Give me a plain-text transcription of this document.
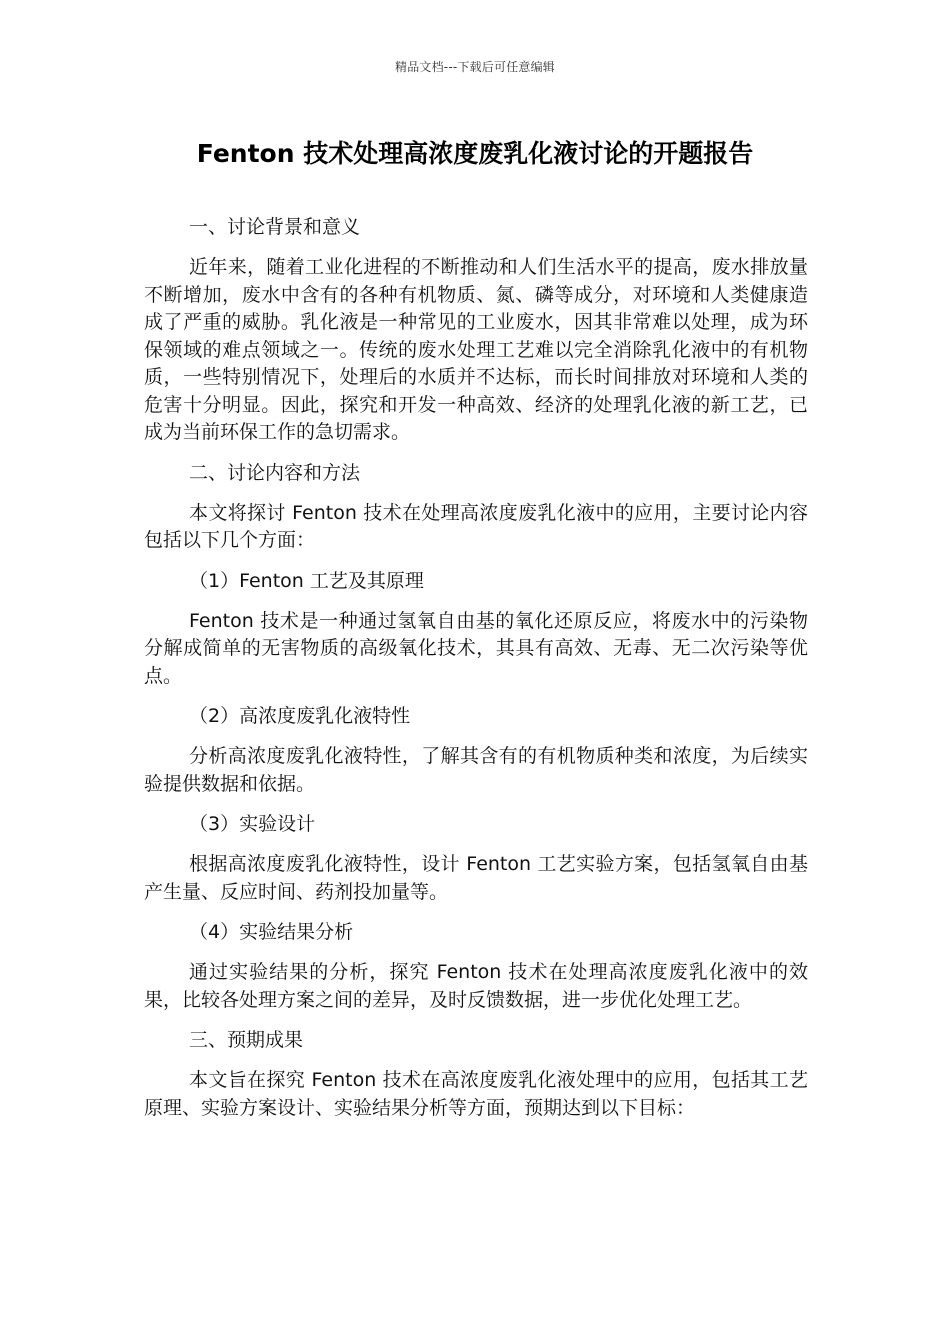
精品文档---下载后可任意编辑
Fenton 技术处理高浓度废乳化液讨论的开题报告

一、讨论背景和意义

近年来，随着工业化进程的不断推动和人们生活水平的提高，废水排放量不断增加，废水中含有的各种有机物质、氮、磷等成分，对环境和人类健康造成了严重的威胁。乳化液是一种常见的工业废水，因其非常难以处理，成为环保领域的难点领域之一。传统的废水处理工艺难以完全消除乳化液中的有机物质，一些特别情况下，处理后的水质并不达标，而长时间排放对环境和人类的危害十分明显。因此，探究和开发一种高效、经济的处理乳化液的新工艺，已成为当前环保工作的急切需求。

二、讨论内容和方法

本文将探讨 Fenton 技术在处理高浓度废乳化液中的应用，主要讨论内容包括以下几个方面：

（1）Fenton 工艺及其原理

Fenton 技术是一种通过氢氧自由基的氧化还原反应，将废水中的污染物分解成简单的无害物质的高级氧化技术，其具有高效、无毒、无二次污染等优点。

（2）高浓度废乳化液特性

分析高浓度废乳化液特性，了解其含有的有机物质种类和浓度，为后续实验提供数据和依据。

（3）实验设计

根据高浓度废乳化液特性，设计 Fenton 工艺实验方案，包括氢氧自由基产生量、反应时间、药剂投加量等。

（4）实验结果分析

通过实验结果的分析，探究 Fenton 技术在处理高浓度废乳化液中的效果，比较各处理方案之间的差异，及时反馈数据，进一步优化处理工艺。

三、预期成果

本文旨在探究 Fenton 技术在高浓度废乳化液处理中的应用，包括其工艺原理、实验方案设计、实验结果分析等方面，预期达到以下目标：
